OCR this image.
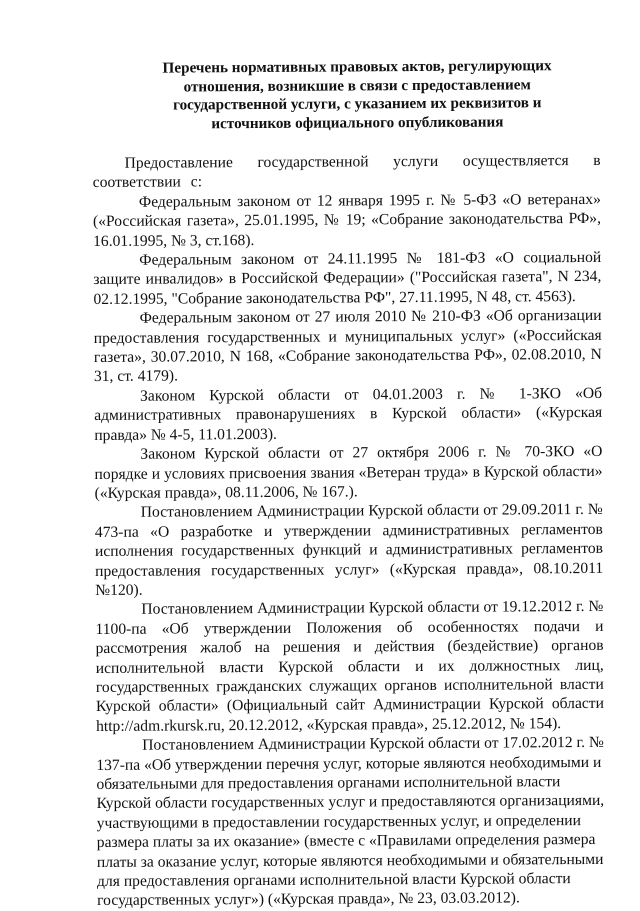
Перечень нормативных правовых актов, регулирующих отношения, возникшие в связи с предоставлением государственной услуги, с указанием их реквизитов и источников официального опубликования

Предоставление государственной услуги осуществляется в соответствии с:

Федеральным законом от 12 января 1995 г. № 5-ФЗ «О ветеранах» («Российская газета», 25.01.1995, № 19; «Собрание законодательства РФ», 16.01.1995, № 3, ст.168).

Федеральным законом от 24.11.1995 № 181-ФЗ «О социальной защите инвалидов» в Российской Федерации» ("Российская газета", N 234, 02.12.1995, "Собрание законодательства РФ", 27.11.1995, N 48, ст. 4563).

Федеральным законом от 27 июля 2010 № 210-ФЗ «Об организации предоставления государственных и муниципальных услуг» («Российская газета», 30.07.2010, N 168, «Собрание законодательства РФ», 02.08.2010, N 31, ст. 4179).

Законом Курской области от 04.01.2003 г. № 1-ЗКО «Об административных правонарушениях в Курской области» («Курская правда» № 4-5, 11.01.2003).

Законом Курской области от 27 октября 2006 г. № 70-ЗКО «О порядке и условиях присвоения звания «Ветеран труда» в Курской области» («Курская правда», 08.11.2006, № 167.).

Постановлением Администрации Курской области от 29.09.2011 г. № 473-па «О разработке и утверждении административных регламентов исполнения государственных функций и административных регламентов предоставления государственных услуг» («Курская правда», 08.10.2011 №120).

Постановлением Администрации Курской области от 19.12.2012 г. № 1100-па «Об утверждении Положения об особенностях подачи и рассмотрения жалоб на решения и действия (бездействие) органов исполнительной власти Курской области и их должностных лиц, государственных гражданских служащих органов исполнительной власти Курской области» (Официальный сайт Администрации Курской области http://adm.rkursk.ru, 20.12.2012, «Курская правда», 25.12.2012, № 154).

Постановлением Администрации Курской области от 17.02.2012 г. № 137-па «Об утверждении перечня услуг, которые являются необходимыми и обязательными для предоставления органами исполнительной власти Курской области государственных услуг и предоставляются организациями, участвующими в предоставлении государственных услуг, и определении размера платы за их оказание» (вместе с «Правилами определения размера платы за оказание услуг, которые являются необходимыми и обязательными для предоставления органами исполнительной власти Курской области государственных услуг») («Курская правда», № 23, 03.03.2012).
